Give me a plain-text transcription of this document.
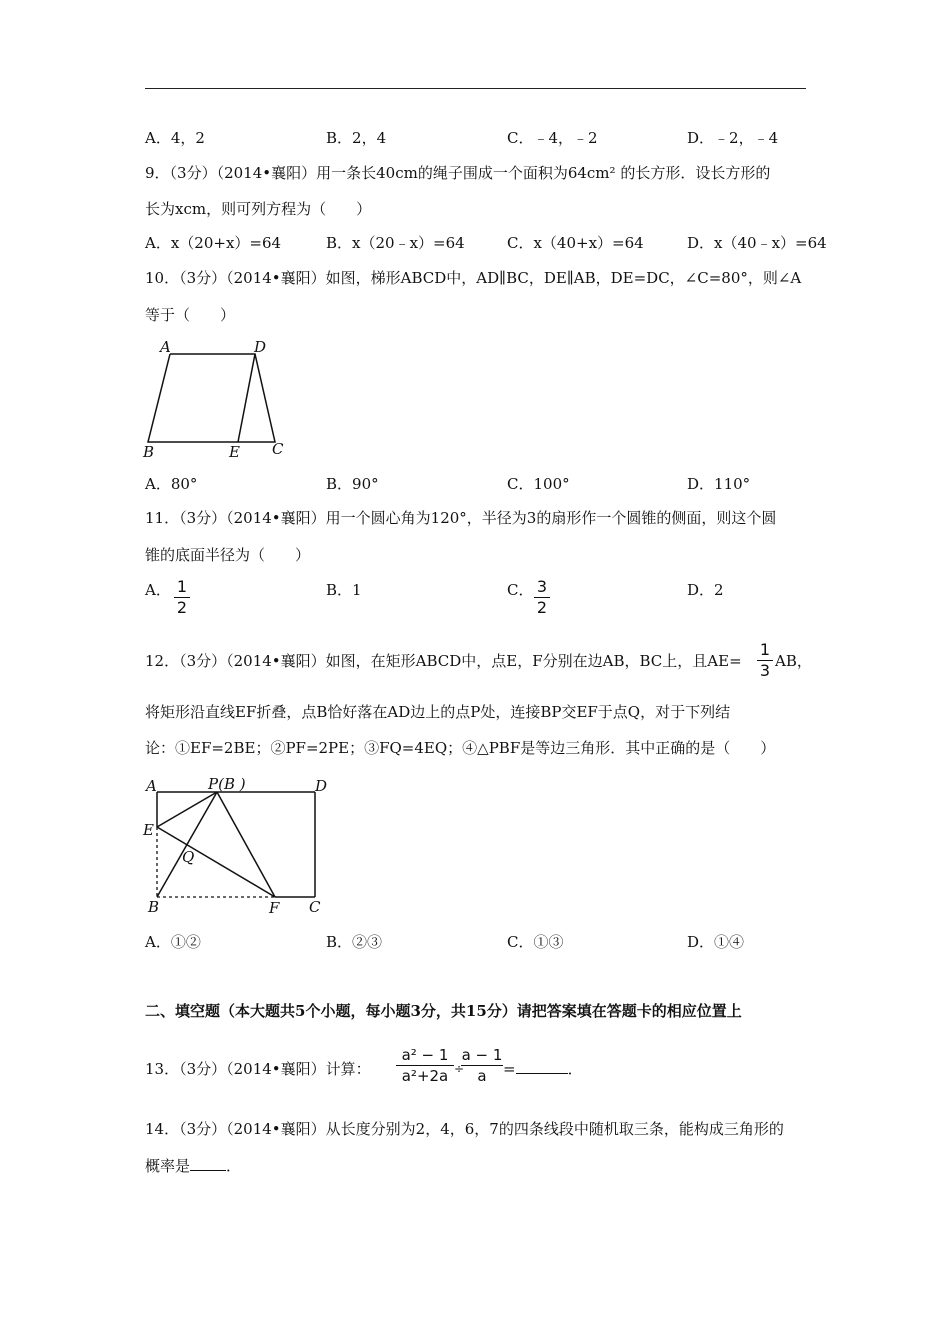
A．4，2	B．2，4	C．﹣4，﹣2	D．﹣2，﹣4
9．（3分）（2014•襄阳）用一条长40cm的绳子围成一个面积为64cm² 的长方形．设长方形的
长为xcm，则可列方程为（　　）
A．x（20+x）=64	B．x（20﹣x）=64	C．x（40+x）=64	D．x（40﹣x）=64
10．（3分）（2014•襄阳）如图，梯形ABCD中，AD∥BC，DE∥AB，DE=DC，∠C=80°，则∠A
等于（　　）
A	D
B	E C
A．80°	B．90°	C．100°	D．110°
11．（3分）（2014•襄阳）用一个圆心角为120°，半径为3的扇形作一个圆锥的侧面，则这个圆
锥的底面半径为（　　）
A． 1
2
B．1	C． 3
2
D．2
12．（3分）（2014•襄阳）如图，在矩形ABCD中，点E，F分别在边AB，BC上，且AE=
1
3 AB，
将矩形沿直线EF折叠，点B恰好落在AD边上的点P处，连接BP交EF于点Q，对于下列结
论：①EF=2BE；②PF=2PE；③FQ=4EQ；④△PBF是等边三角形．其中正确的是（　　）
A	P(B )	D
E
Q
B	F C
A．①②	B．②③	C．①③	D．①④
二、填空题（本大题共5个小题，每小题3分，共15分）请把答案填在答题卡的相应位置上
13．（3分）（2014•襄阳）计算：
a² − 1
a²+2a ÷
a − 1
a	=	．
14．（3分）（2014•襄阳）从长度分别为2，4，6，7的四条线段中随机取三条，能构成三角形的
概率是 ．
